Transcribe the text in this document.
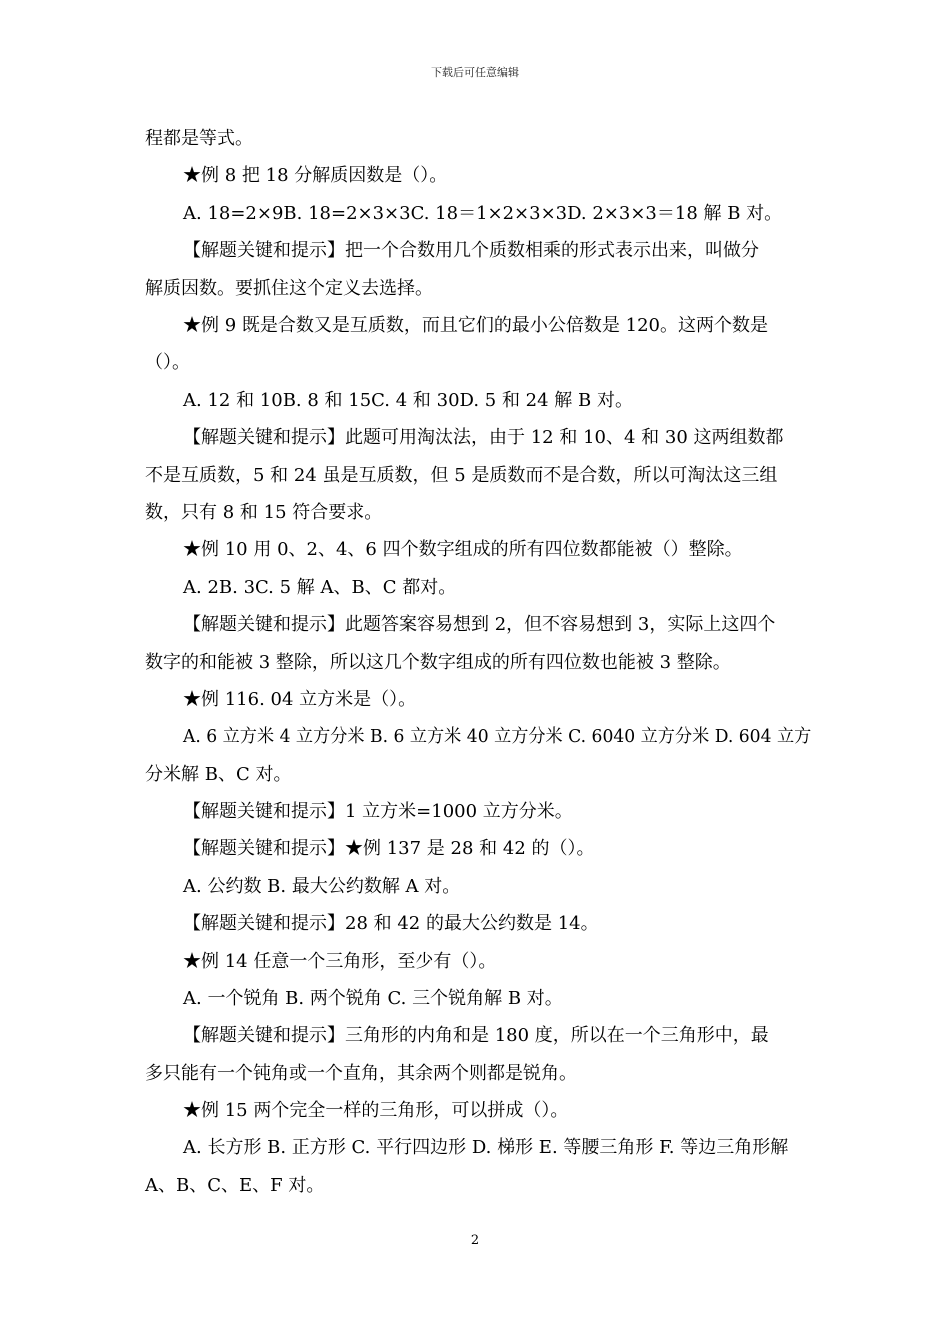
下载后可任意编辑
程都是等式。
★例 8 把 18 分解质因数是（）。
A. 18=2×9B. 18=2×3×3C. 18＝1×2×3×3D. 2×3×3＝18 解 B 对。
【解题关键和提示】把一个合数用几个质数相乘的形式表示出来，叫做分
解质因数。要抓住这个定义去选择。
★例 9 既是合数又是互质数，而且它们的最小公倍数是 120。这两个数是
（）。
A. 12 和 10B. 8 和 15C. 4 和 30D. 5 和 24 解 B 对。
【解题关键和提示】此题可用淘汰法，由于 12 和 10、4 和 30 这两组数都
不是互质数，5 和 24 虽是互质数，但 5 是质数而不是合数，所以可淘汰这三组
数，只有 8 和 15 符合要求。
★例 10 用 0、2、4、6 四个数字组成的所有四位数都能被（）整除。
A. 2B. 3C. 5 解 A、B、C 都对。
【解题关键和提示】此题答案容易想到 2，但不容易想到 3，实际上这四个
数字的和能被 3 整除，所以这几个数字组成的所有四位数也能被 3 整除。
★例 116. 04 立方米是（）。
A. 6 立方米 4 立方分米 B. 6 立方米 40 立方分米 C. 6040 立方分米 D. 604 立方
分米解 B、C 对。
【解题关键和提示】1 立方米=1000 立方分米。
【解题关键和提示】★例 137 是 28 和 42 的（）。
A. 公约数 B. 最大公约数解 A 对。
【解题关键和提示】28 和 42 的最大公约数是 14。
★例 14 任意一个三角形，至少有（）。
A. 一个锐角 B. 两个锐角 C. 三个锐角解 B 对。
【解题关键和提示】三角形的内角和是 180 度，所以在一个三角形中，最
多只能有一个钝角或一个直角，其余两个则都是锐角。
★例 15 两个完全一样的三角形，可以拼成（）。
A. 长方形 B. 正方形 C. 平行四边形 D. 梯形 E. 等腰三角形 F. 等边三角形解
A、B、C、E、F 对。
2
